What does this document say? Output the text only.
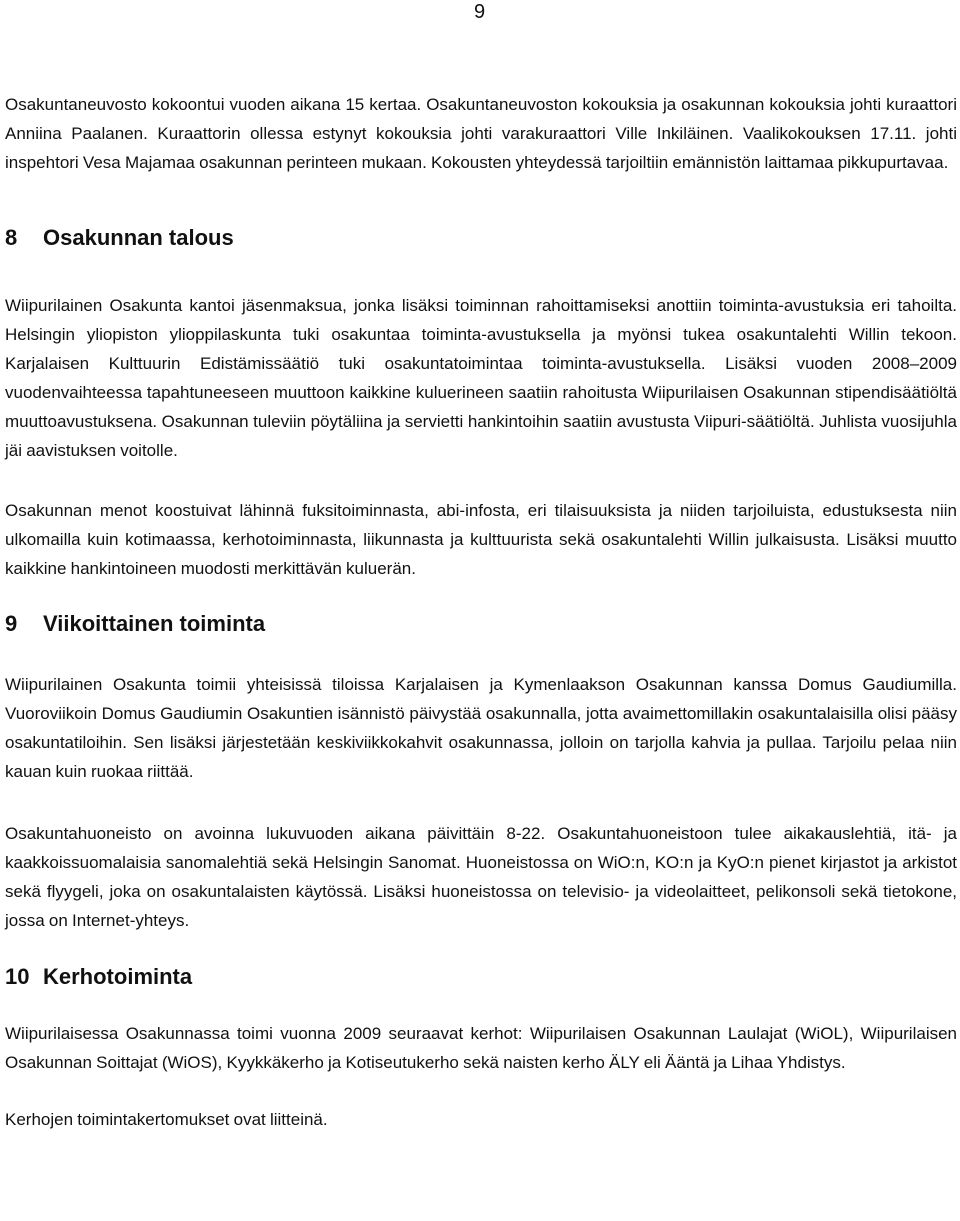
9

Osakuntaneuvosto kokoontui vuoden aikana 15 kertaa. Osakuntaneuvoston kokouksia ja osakunnan kokouksia johti kuraattori Anniina Paalanen. Kuraattorin ollessa estynyt kokouksia johti varakuraattori Ville Inkiläinen. Vaalikokouksen 17.11. johti inspehtori Vesa Majamaa osakunnan perinteen mukaan. Kokousten yhteydessä tarjoiltiin emännistön laittamaa pikkupurtavaa.

8 Osakunnan talous

Wiipurilainen Osakunta kantoi jäsenmaksua, jonka lisäksi toiminnan rahoittamiseksi anottiin toiminta-avustuksia eri tahoilta. Helsingin yliopiston ylioppilaskunta tuki osakuntaa toiminta-avustuksella ja myönsi tukea osakuntalehti Willin tekoon. Karjalaisen Kulttuurin Edistämissäätiö tuki osakuntatoimintaa toiminta-avustuksella. Lisäksi vuoden 2008–2009 vuodenvaihteessa tapahtuneeseen muuttoon kaikkine kuluerineen saatiin rahoitusta Wiipurilaisen Osakunnan stipendisäätiöltä muuttoavustuksena. Osakunnan tuleviin pöytäliina ja servietti hankintoihin saatiin avustusta Viipuri-säätiöltä. Juhlista vuosijuhla jäi aavistuksen voitolle.

Osakunnan menot koostuivat lähinnä fuksitoiminnasta, abi-infosta, eri tilaisuuksista ja niiden tarjoiluista, edustuksesta niin ulkomailla kuin kotimaassa, kerhotoiminnasta, liikunnasta ja kulttuurista sekä osakuntalehti Willin julkaisusta. Lisäksi muutto kaikkine hankintoineen muodosti merkittävän kuluerän.

9 Viikoittainen toiminta

Wiipurilainen Osakunta toimii yhteisissä tiloissa Karjalaisen ja Kymenlaakson Osakunnan kanssa Domus Gaudiumilla. Vuoroviikoin Domus Gaudiumin Osakuntien isännistö päivystää osakunnalla, jotta avaimettomillakin osakuntalaisilla olisi pääsy osakuntatiloihin. Sen lisäksi järjestetään keskiviikkokahvit osakunnassa, jolloin on tarjolla kahvia ja pullaa. Tarjoilu pelaa niin kauan kuin ruokaa riittää.

Osakuntahuoneisto on avoinna lukuvuoden aikana päivittäin 8-22. Osakuntahuoneistoon tulee aikakauslehtiä, itä- ja kaakkoissuomalaisia sanomalehtiä sekä Helsingin Sanomat. Huoneistossa on WiO:n, KO:n ja KyO:n pienet kirjastot ja arkistot sekä flyygeli, joka on osakuntalaisten käytössä. Lisäksi huoneistossa on televisio- ja videolaitteet, pelikonsoli sekä tietokone, jossa on Internet-yhteys.

10 Kerhotoiminta

Wiipurilaisessa Osakunnassa toimi vuonna 2009 seuraavat kerhot: Wiipurilaisen Osakunnan Laulajat (WiOL), Wiipurilaisen Osakunnan Soittajat (WiOS), Kyykkäkerho ja Kotiseutukerho sekä naisten kerho ÄLY eli Ääntä ja Lihaa Yhdistys.

Kerhojen toimintakertomukset ovat liitteinä.
